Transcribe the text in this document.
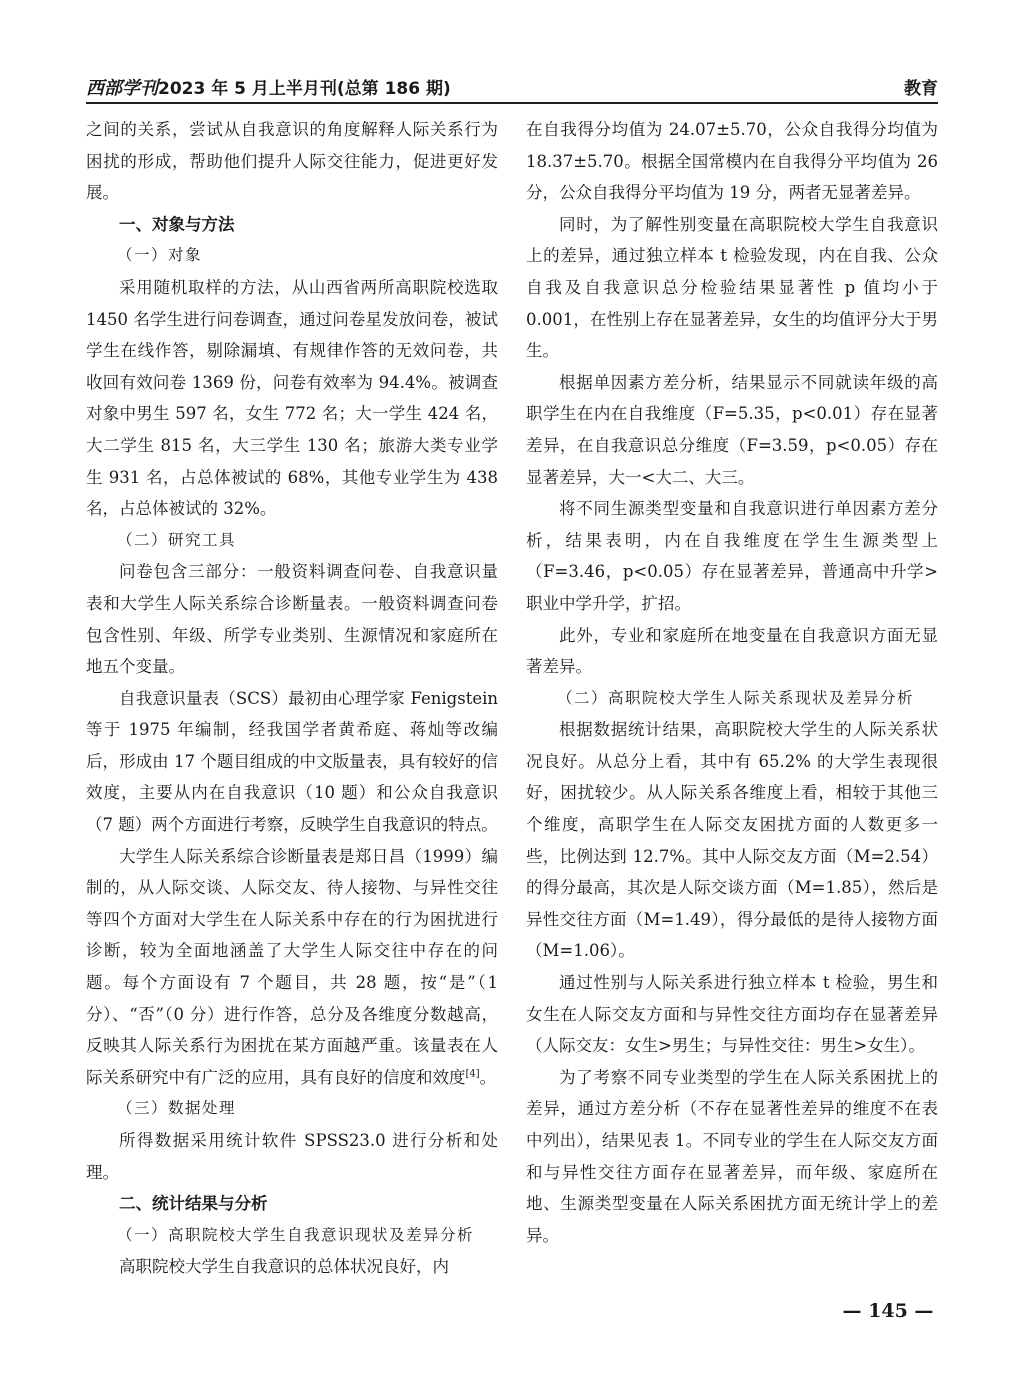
西部学刊2023 年 5 月上半月刊(总第 186 期)	教育

之间的关系，尝试从自我意识的角度解释人际关系行为困扰的形成，帮助他们提升人际交往能力，促进更好发展。

一、对象与方法

（一）对象

采用随机取样的方法，从山西省两所高职院校选取 1450 名学生进行问卷调查，通过问卷星发放问卷，被试学生在线作答，剔除漏填、有规律作答的无效问卷，共收回有效问卷 1369 份，问卷有效率为 94.4%。被调查对象中男生 597 名，女生 772 名；大一学生 424 名，大二学生 815 名，大三学生 130 名；旅游大类专业学生 931 名，占总体被试的 68%，其他专业学生为 438 名，占总体被试的 32%。

（二）研究工具

问卷包含三部分：一般资料调查问卷、自我意识量表和大学生人际关系综合诊断量表。一般资料调查问卷包含性别、年级、所学专业类别、生源情况和家庭所在地五个变量。

自我意识量表（SCS）最初由心理学家 Fenigstein 等于 1975 年编制，经我国学者黄希庭、蒋灿等改编后，形成由 17 个题目组成的中文版量表，具有较好的信效度，主要从内在自我意识（10 题）和公众自我意识（7 题）两个方面进行考察，反映学生自我意识的特点。

大学生人际关系综合诊断量表是郑日昌（1999）编制的，从人际交谈、人际交友、待人接物、与异性交往等四个方面对大学生在人际关系中存在的行为困扰进行诊断，较为全面地涵盖了大学生人际交往中存在的问题。每个方面设有 7 个题目，共 28 题，按“是”（1 分）、“否”（0 分）进行作答，总分及各维度分数越高，反映其人际关系行为困扰在某方面越严重。该量表在人际关系研究中有广泛的应用，具有良好的信度和效度[4]。

（三）数据处理

所得数据采用统计软件 SPSS23.0 进行分析和处理。

二、统计结果与分析

（一）高职院校大学生自我意识现状及差异分析

高职院校大学生自我意识的总体状况良好，内

在自我得分均值为 24.07±5.70，公众自我得分均值为 18.37±5.70。根据全国常模内在自我得分平均值为 26 分，公众自我得分平均值为 19 分，两者无显著差异。

同时，为了解性别变量在高职院校大学生自我意识上的差异，通过独立样本 t 检验发现，内在自我、公众自我及自我意识总分检验结果显著性 p 值均小于 0.001，在性别上存在显著差异，女生的均值评分大于男生。

根据单因素方差分析，结果显示不同就读年级的高职学生在内在自我维度（F=5.35，p<0.01）存在显著差异，在自我意识总分维度（F=3.59，p<0.05）存在显著差异，大一<大二、大三。

将不同生源类型变量和自我意识进行单因素方差分析，结果表明，内在自我维度在学生生源类型上（F=3.46，p<0.05）存在显著差异，普通高中升学>职业中学升学，扩招。

此外，专业和家庭所在地变量在自我意识方面无显著差异。

（二）高职院校大学生人际关系现状及差异分析

根据数据统计结果，高职院校大学生的人际关系状况良好。从总分上看，其中有 65.2% 的大学生表现很好，困扰较少。从人际关系各维度上看，相较于其他三个维度，高职学生在人际交友困扰方面的人数更多一些，比例达到 12.7%。其中人际交友方面（M=2.54）的得分最高，其次是人际交谈方面（M=1.85），然后是异性交往方面（M=1.49），得分最低的是待人接物方面（M=1.06）。

通过性别与人际关系进行独立样本 t 检验，男生和女生在人际交友方面和与异性交往方面均存在显著差异（人际交友：女生>男生；与异性交往：男生>女生）。

为了考察不同专业类型的学生在人际关系困扰上的差异，通过方差分析（不存在显著性差异的维度不在表中列出），结果见表 1。不同专业的学生在人际交友方面和与异性交往方面存在显著差异，而年级、家庭所在地、生源类型变量在人际关系困扰方面无统计学上的差异。

— 145 —
